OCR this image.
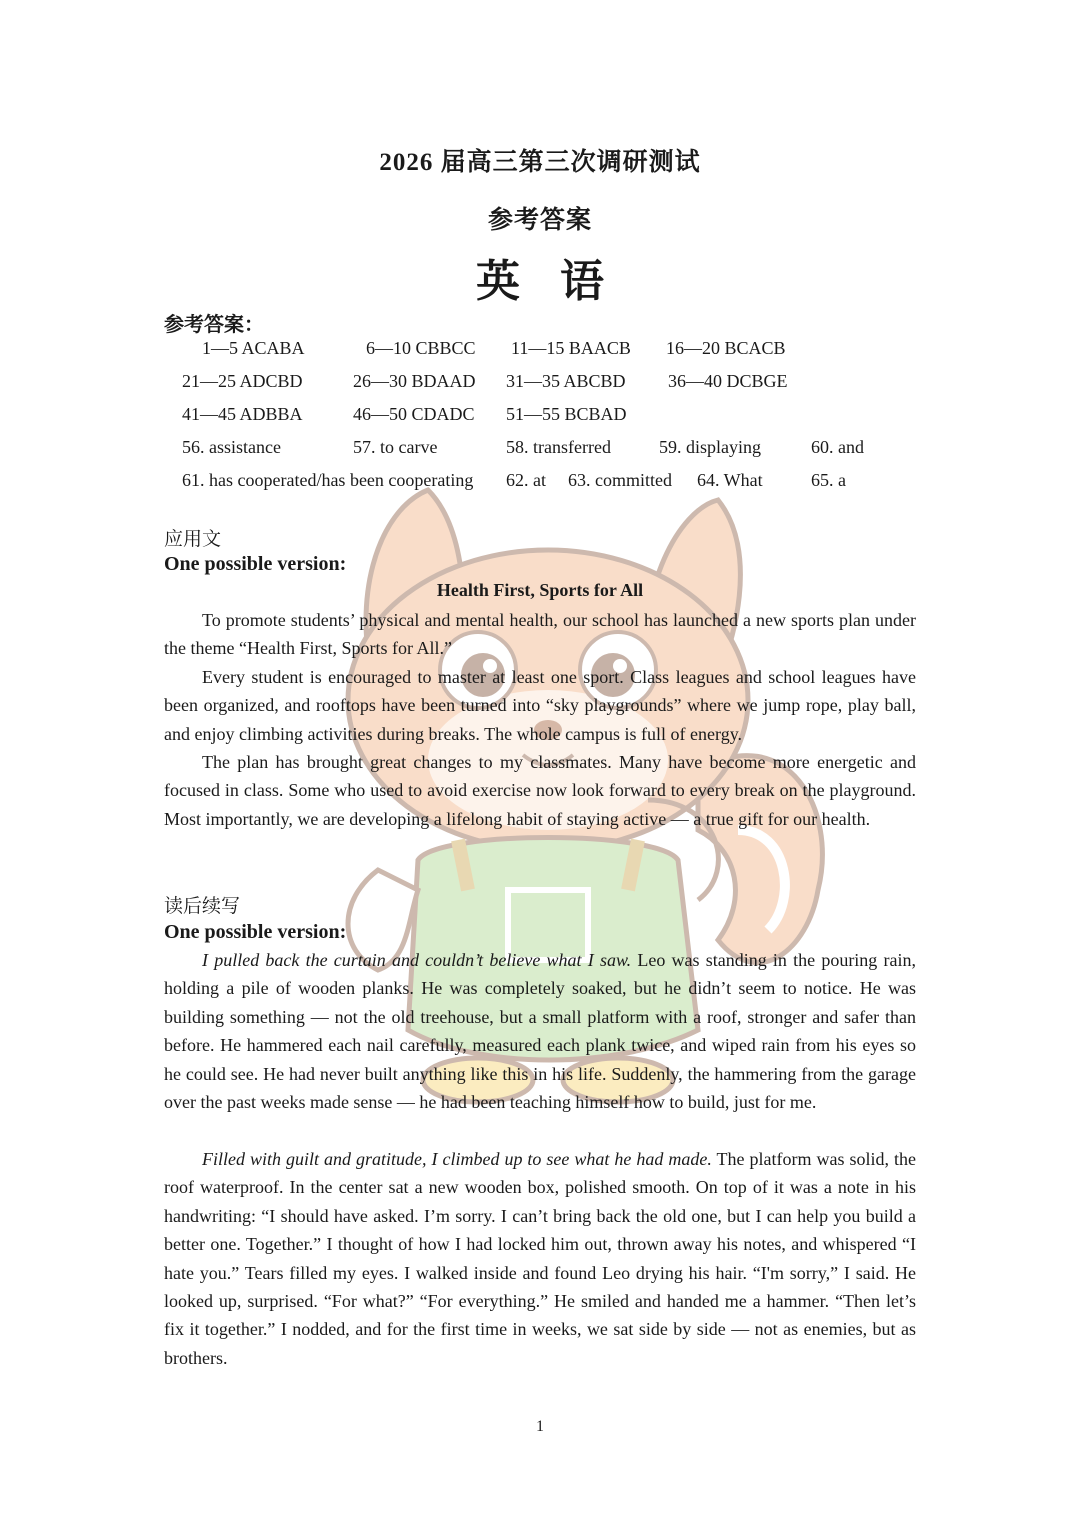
2026 届高三第三次调研测试
参考答案
英语
参考答案：
1—5 ACABA	6—10 CBBCC 11—15 BAACB 16—20 BCACB
21—25 ADCBD	26—30 BDAAD 31—35 ABCBD 36—40 DCBGE
41—45 ADBBA	46—50 CDADC 51—55 BCBAD
56. assistance	57. to carve	58. transferred	59. displaying	60. and
61. has cooperated/has been cooperating 62. at 63. committed 64. What	65. a
应用文
One possible version:
Health First, Sports for All

To promote students’ physical and mental health, our school has launched a new sports plan under the theme “Health First, Sports for All.”

Every student is encouraged to master at least one sport. Class leagues and school leagues have been organized, and rooftops have been turned into “sky playgrounds” where we jump rope, play ball, and enjoy climbing activities during breaks. The whole campus is full of energy.

The plan has brought great changes to my classmates. Many have become more energetic and focused in class. Some who used to avoid exercise now look forward to every break on the playground. Most importantly, we are developing a lifelong habit of staying active — a true gift for our health.

读后续写
One possible version:

I pulled back the curtain and couldn’t believe what I saw. Leo was standing in the pouring rain, holding a pile of wooden planks. He was completely soaked, but he didn’t seem to notice. He was building something — not the old treehouse, but a small platform with a roof, stronger and safer than before. He hammered each nail carefully, measured each plank twice, and wiped rain from his eyes so he could see. He had never built anything like this in his life. Suddenly, the hammering from the garage over the past weeks made sense — he had been teaching himself how to build, just for me.

Filled with guilt and gratitude, I climbed up to see what he had made. The platform was solid, the roof waterproof. In the center sat a new wooden box, polished smooth. On top of it was a note in his handwriting: “I should have asked. I’m sorry. I can’t bring back the old one, but I can help you build a better one. Together.” I thought of how I had locked him out, thrown away his notes, and whispered “I hate you.” Tears filled my eyes. I walked inside and found Leo drying his hair. “I'm sorry,” I said. He looked up, surprised. “For what?” “For everything.” He smiled and handed me a hammer. “Then let’s fix it together.” I nodded, and for the first time in weeks, we sat side by side — not as enemies, but as brothers.

1
